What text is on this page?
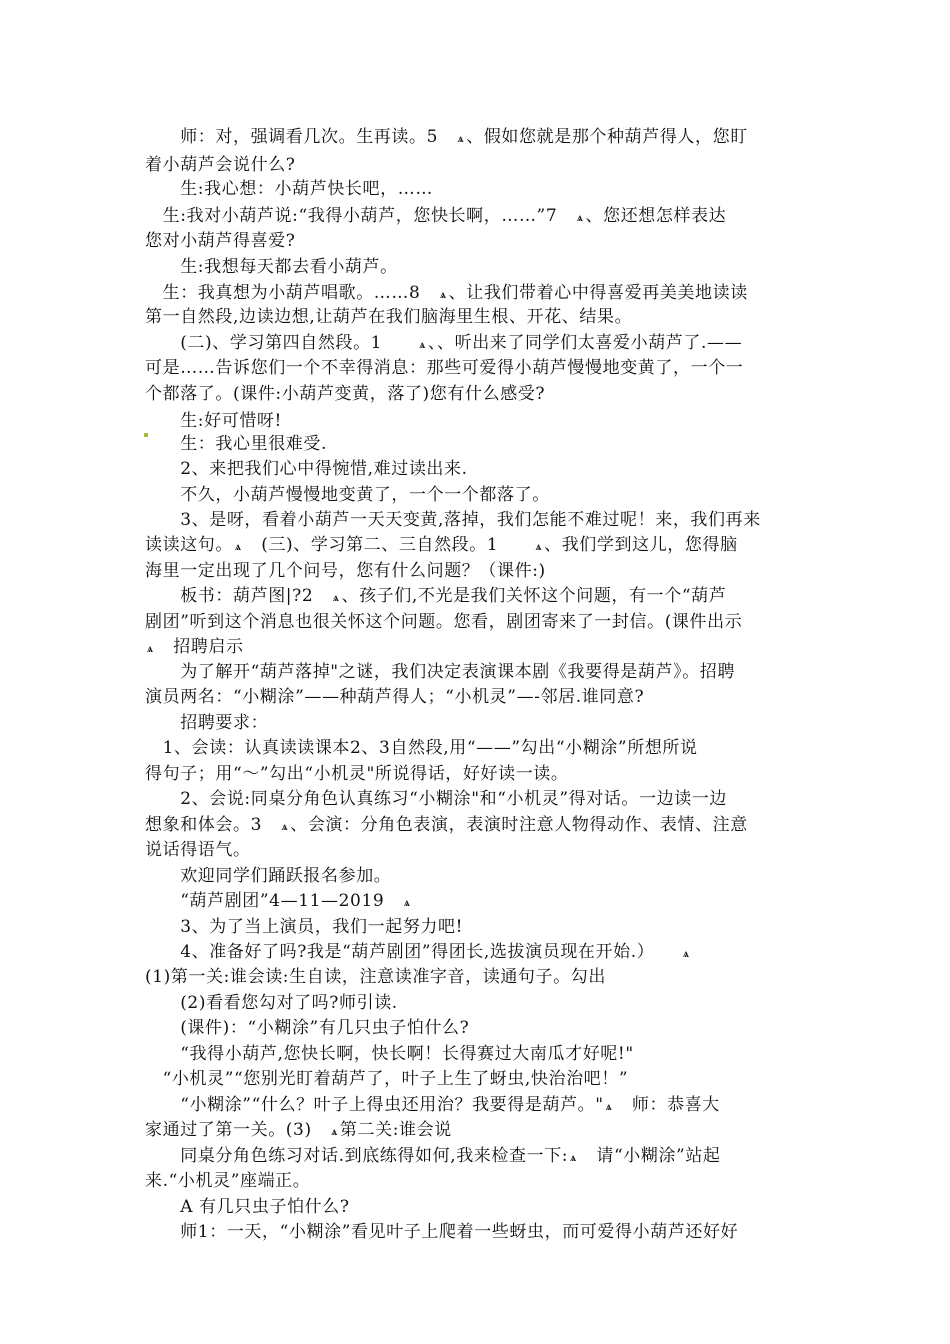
　　师：对，强调看几次。生再读。5　ѧ 、假如您就是那个种葫芦得人，您盯
着小葫芦会说什么?
　　生:我心想：小葫芦快长吧，……
　生:我对小葫芦说:“我得小葫芦，您快长啊，……”7　ѧ 、您还想怎样表达
您对小葫芦得喜爱?
　　生:我想每天都去看小葫芦。
　生：我真想为小葫芦唱歌。……8　ѧ 、让我们带着心中得喜爱再美美地读读
第一自然段,边读边想,让葫芦在我们脑海里生根、开花、结果。
　　(二)、学习第四自然段。1　　ѧ 、、听出来了同学们太喜爱小葫芦了.——
可是……告诉您们一个不幸得消息：那些可爱得小葫芦慢慢地变黄了，一个一
个都落了。(课件:小葫芦变黄，落了)您有什么感受?
　　生:好可惜呀!
　　生：我心里很难受.
　　2、来把我们心中得惋惜,难过读出来.
　　不久，小葫芦慢慢地变黄了，一个一个都落了。
　　3、是呀，看着小葫芦一天天变黄,落掉，我们怎能不难过呢！来，我们再来
读读这句。 ѧ　(三)、学习第二、三自然段。1　　ѧ 、我们学到这儿，您得脑
海里一定出现了几个问号，您有什么问题？（课件:)
　　板书：葫芦图|?2　ѧ 、孩子们,不光是我们关怀这个问题，有一个“葫芦
剧团”听到这个消息也很关怀这个问题。您看，剧团寄来了一封信。(课件出示
ѧ　招聘启示
　　为了解开“葫芦落掉"之谜，我们决定表演课本剧《我要得是葫芦》。招聘
演员两名：“小糊涂”——种葫芦得人；“小机灵”—-邻居.谁同意?
　　招聘要求：
　1、会读：认真读读课本2、3自然段,用“——”勾出“小糊涂”所想所说
得句子；用“～”勾出“小机灵"所说得话，好好读一读。
　　2、会说:同桌分角色认真练习“小糊涂"和“小机灵”得对话。一边读一边
想象和体会。3　ѧ 、会演：分角色表演，表演时注意人物得动作、表情、注意
说话得语气。
　　欢迎同学们踊跃报名参加。
　　“葫芦剧团”4—11—2019　ѧ
　　3、为了当上演员，我们一起努力吧!
　　4、准备好了吗?我是“葫芦剧团”得团长,选拔演员现在开始.）　　ѧ
(1)第一关:谁会读:生自读，注意读准字音，读通句子。勾出
　　(2)看看您勾对了吗?师引读.
　　(课件)：“小糊涂”有几只虫子怕什么?
　　“我得小葫芦,您快长啊，快长啊！长得赛过大南瓜才好呢!"
　“小机灵”“您别光盯着葫芦了，叶子上生了蚜虫,快治治吧！”
　　“小糊涂”“什么？叶子上得虫还用治？我要得是葫芦。" ѧ　师：恭喜大
家通过了第一关。(3)　ѧ 第二关:谁会说
　　同桌分角色练习对话.到底练得如何,我来检查一下: ѧ　请“小糊涂”站起
来.“小机灵”座端正。
　　A 有几只虫子怕什么?
　　师1：一天，“小糊涂”看见叶子上爬着一些蚜虫，而可爱得小葫芦还好好
